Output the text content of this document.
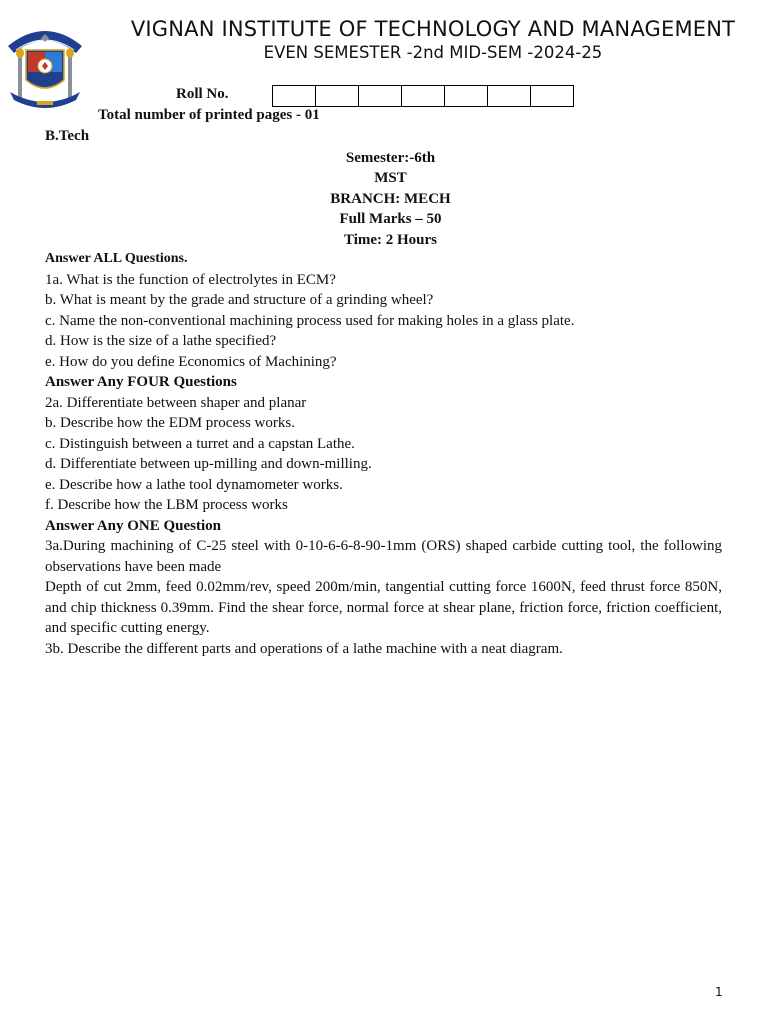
VIGNAN INSTITUTE OF TECHNOLOGY AND MANAGEMENT
EVEN SEMESTER -2nd MID-SEM -2024-25
Roll No.
Total number of printed pages - 01
B.Tech
Semester:-6th
MST
BRANCH: MECH
Full Marks – 50
Time: 2 Hours

Answer ALL Questions.

1a. What is the function of electrolytes in ECM?

b. What is meant by the grade and structure of a grinding wheel?

c. Name the non-conventional machining process used for making holes in a glass plate.

d. How is the size of a lathe specified?

e. How do you define Economics of Machining?

Answer Any FOUR Questions

2a. Differentiate between shaper and planar

b. Describe how the EDM process works.

c. Distinguish between a turret and a capstan Lathe.

d. Differentiate between up-milling and down-milling.

e. Describe how a lathe tool dynamometer works.

f. Describe how the LBM process works

Answer Any ONE Question

3a.During machining of C-25 steel with 0-10-6-6-8-90-1mm (ORS) shaped carbide cutting tool, the following observations have been made

Depth of cut 2mm, feed 0.02mm/rev, speed 200m/min, tangential cutting force 1600N, feed thrust force 850N, and chip thickness 0.39mm. Find the shear force, normal force at shear plane, friction force, friction coefficient, and specific cutting energy.

3b. Describe the different parts and operations of a lathe machine with a neat diagram.

1
